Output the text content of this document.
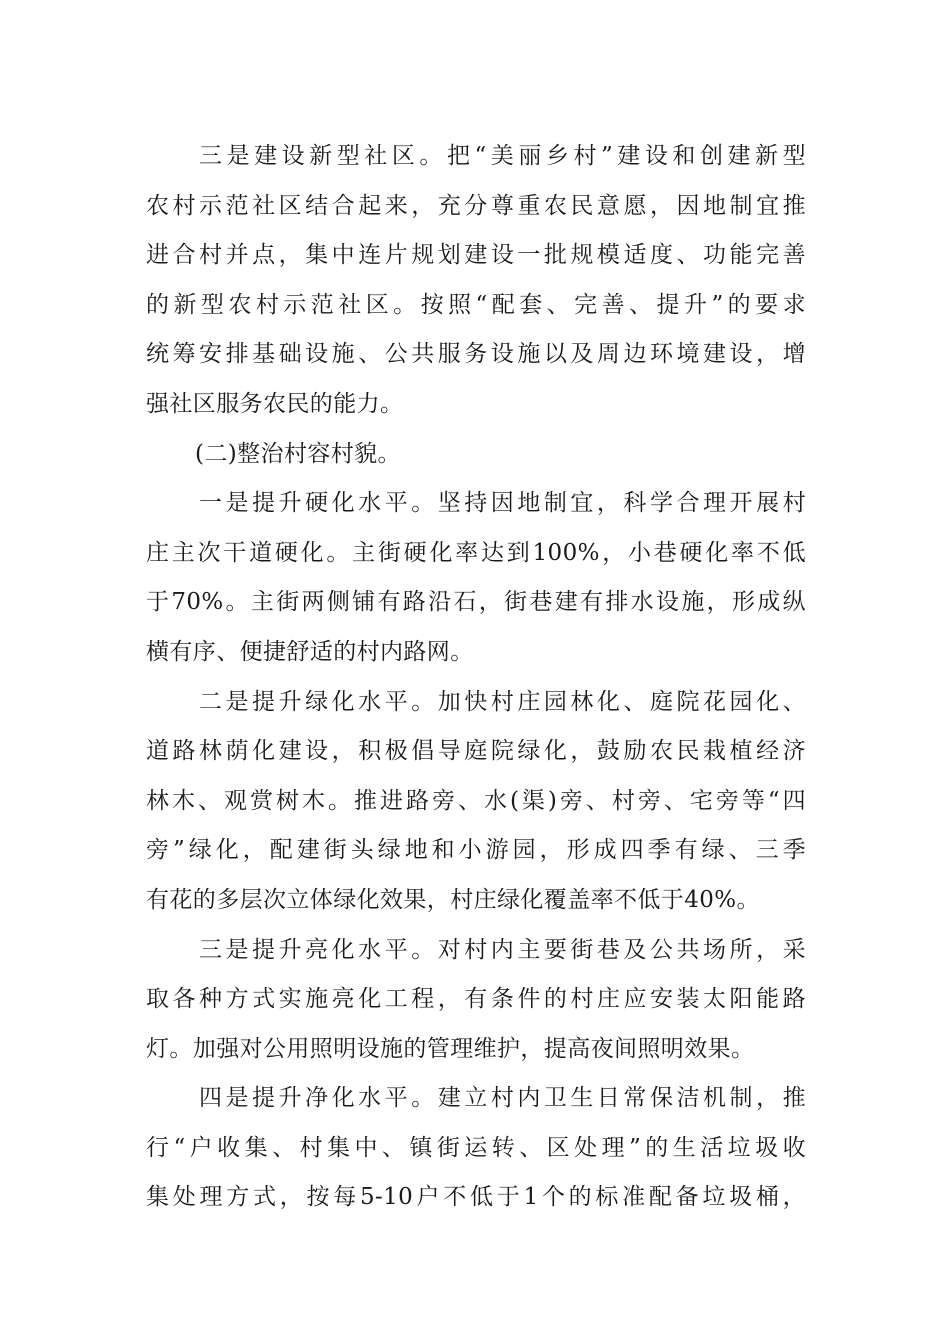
三是建设新型社区。把“美丽乡村”建设和创建新型
农村示范社区结合起来，充分尊重农民意愿，因地制宜推
进合村并点，集中连片规划建设一批规模适度、功能完善
的新型农村示范社区。按照“配套、完善、提升”的要求
统筹安排基础设施、公共服务设施以及周边环境建设，增
强社区服务农民的能力。
(二)整治村容村貌。
一是提升硬化水平。坚持因地制宜，科学合理开展村
庄主次干道硬化。主街硬化率达到100%，小巷硬化率不低
于70%。主街两侧铺有路沿石，街巷建有排水设施，形成纵
横有序、便捷舒适的村内路网。
二是提升绿化水平。加快村庄园林化、庭院花园化、
道路林荫化建设，积极倡导庭院绿化，鼓励农民栽植经济
林木、观赏树木。推进路旁、水(渠)旁、村旁、宅旁等“四
旁”绿化，配建街头绿地和小游园，形成四季有绿、三季
有花的多层次立体绿化效果，村庄绿化覆盖率不低于40%。
三是提升亮化水平。对村内主要街巷及公共场所，采
取各种方式实施亮化工程，有条件的村庄应安装太阳能路
灯。加强对公用照明设施的管理维护，提高夜间照明效果。
四是提升净化水平。建立村内卫生日常保洁机制，推
行“户收集、村集中、镇街运转、区处理”的生活垃圾收
集处理方式，按每5-10户不低于1个的标准配备垃圾桶，
